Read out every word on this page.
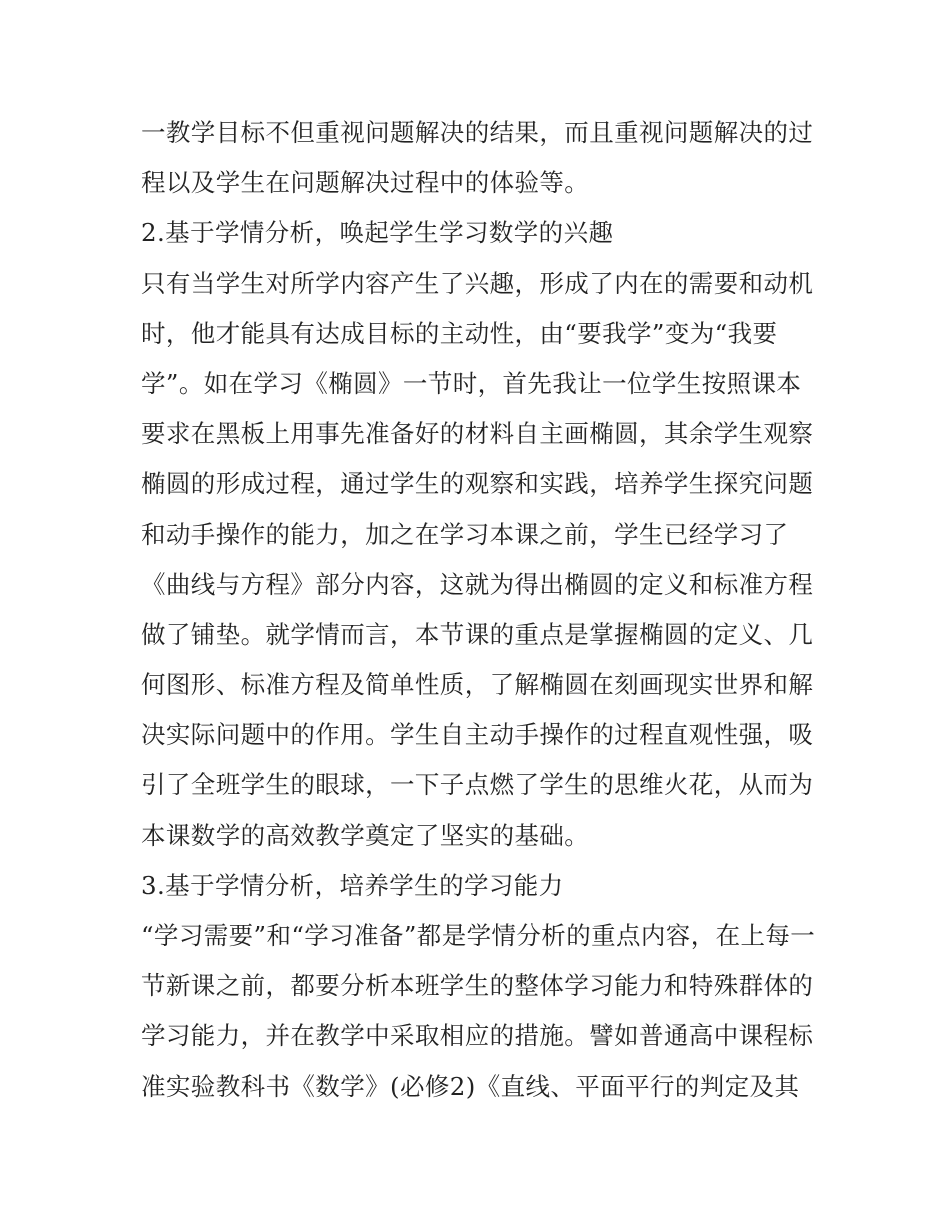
一教学目标不但重视问题解决的结果，而且重视问题解决的过
程以及学生在问题解决过程中的体验等。
2.基于学情分析，唤起学生学习数学的兴趣
只有当学生对所学内容产生了兴趣，形成了内在的需要和动机
时，他才能具有达成目标的主动性，由“要我学”变为“我要
学”。如在学习《椭圆》一节时，首先我让一位学生按照课本
要求在黑板上用事先准备好的材料自主画椭圆，其余学生观察
椭圆的形成过程，通过学生的观察和实践，培养学生探究问题
和动手操作的能力，加之在学习本课之前，学生已经学习了
《曲线与方程》部分内容，这就为得出椭圆的定义和标准方程
做了铺垫。就学情而言，本节课的重点是掌握椭圆的定义、几
何图形、标准方程及简单性质，了解椭圆在刻画现实世界和解
决实际问题中的作用。学生自主动手操作的过程直观性强，吸
引了全班学生的眼球，一下子点燃了学生的思维火花，从而为
本课数学的高效教学奠定了坚实的基础。
3.基于学情分析，培养学生的学习能力
“学习需要”和“学习准备”都是学情分析的重点内容，在上每一
节新课之前，都要分析本班学生的整体学习能力和特殊群体的
学习能力，并在教学中采取相应的措施。譬如普通高中课程标
准实验教科书《数学》(必修2)《直线、平面平行的判定及其
